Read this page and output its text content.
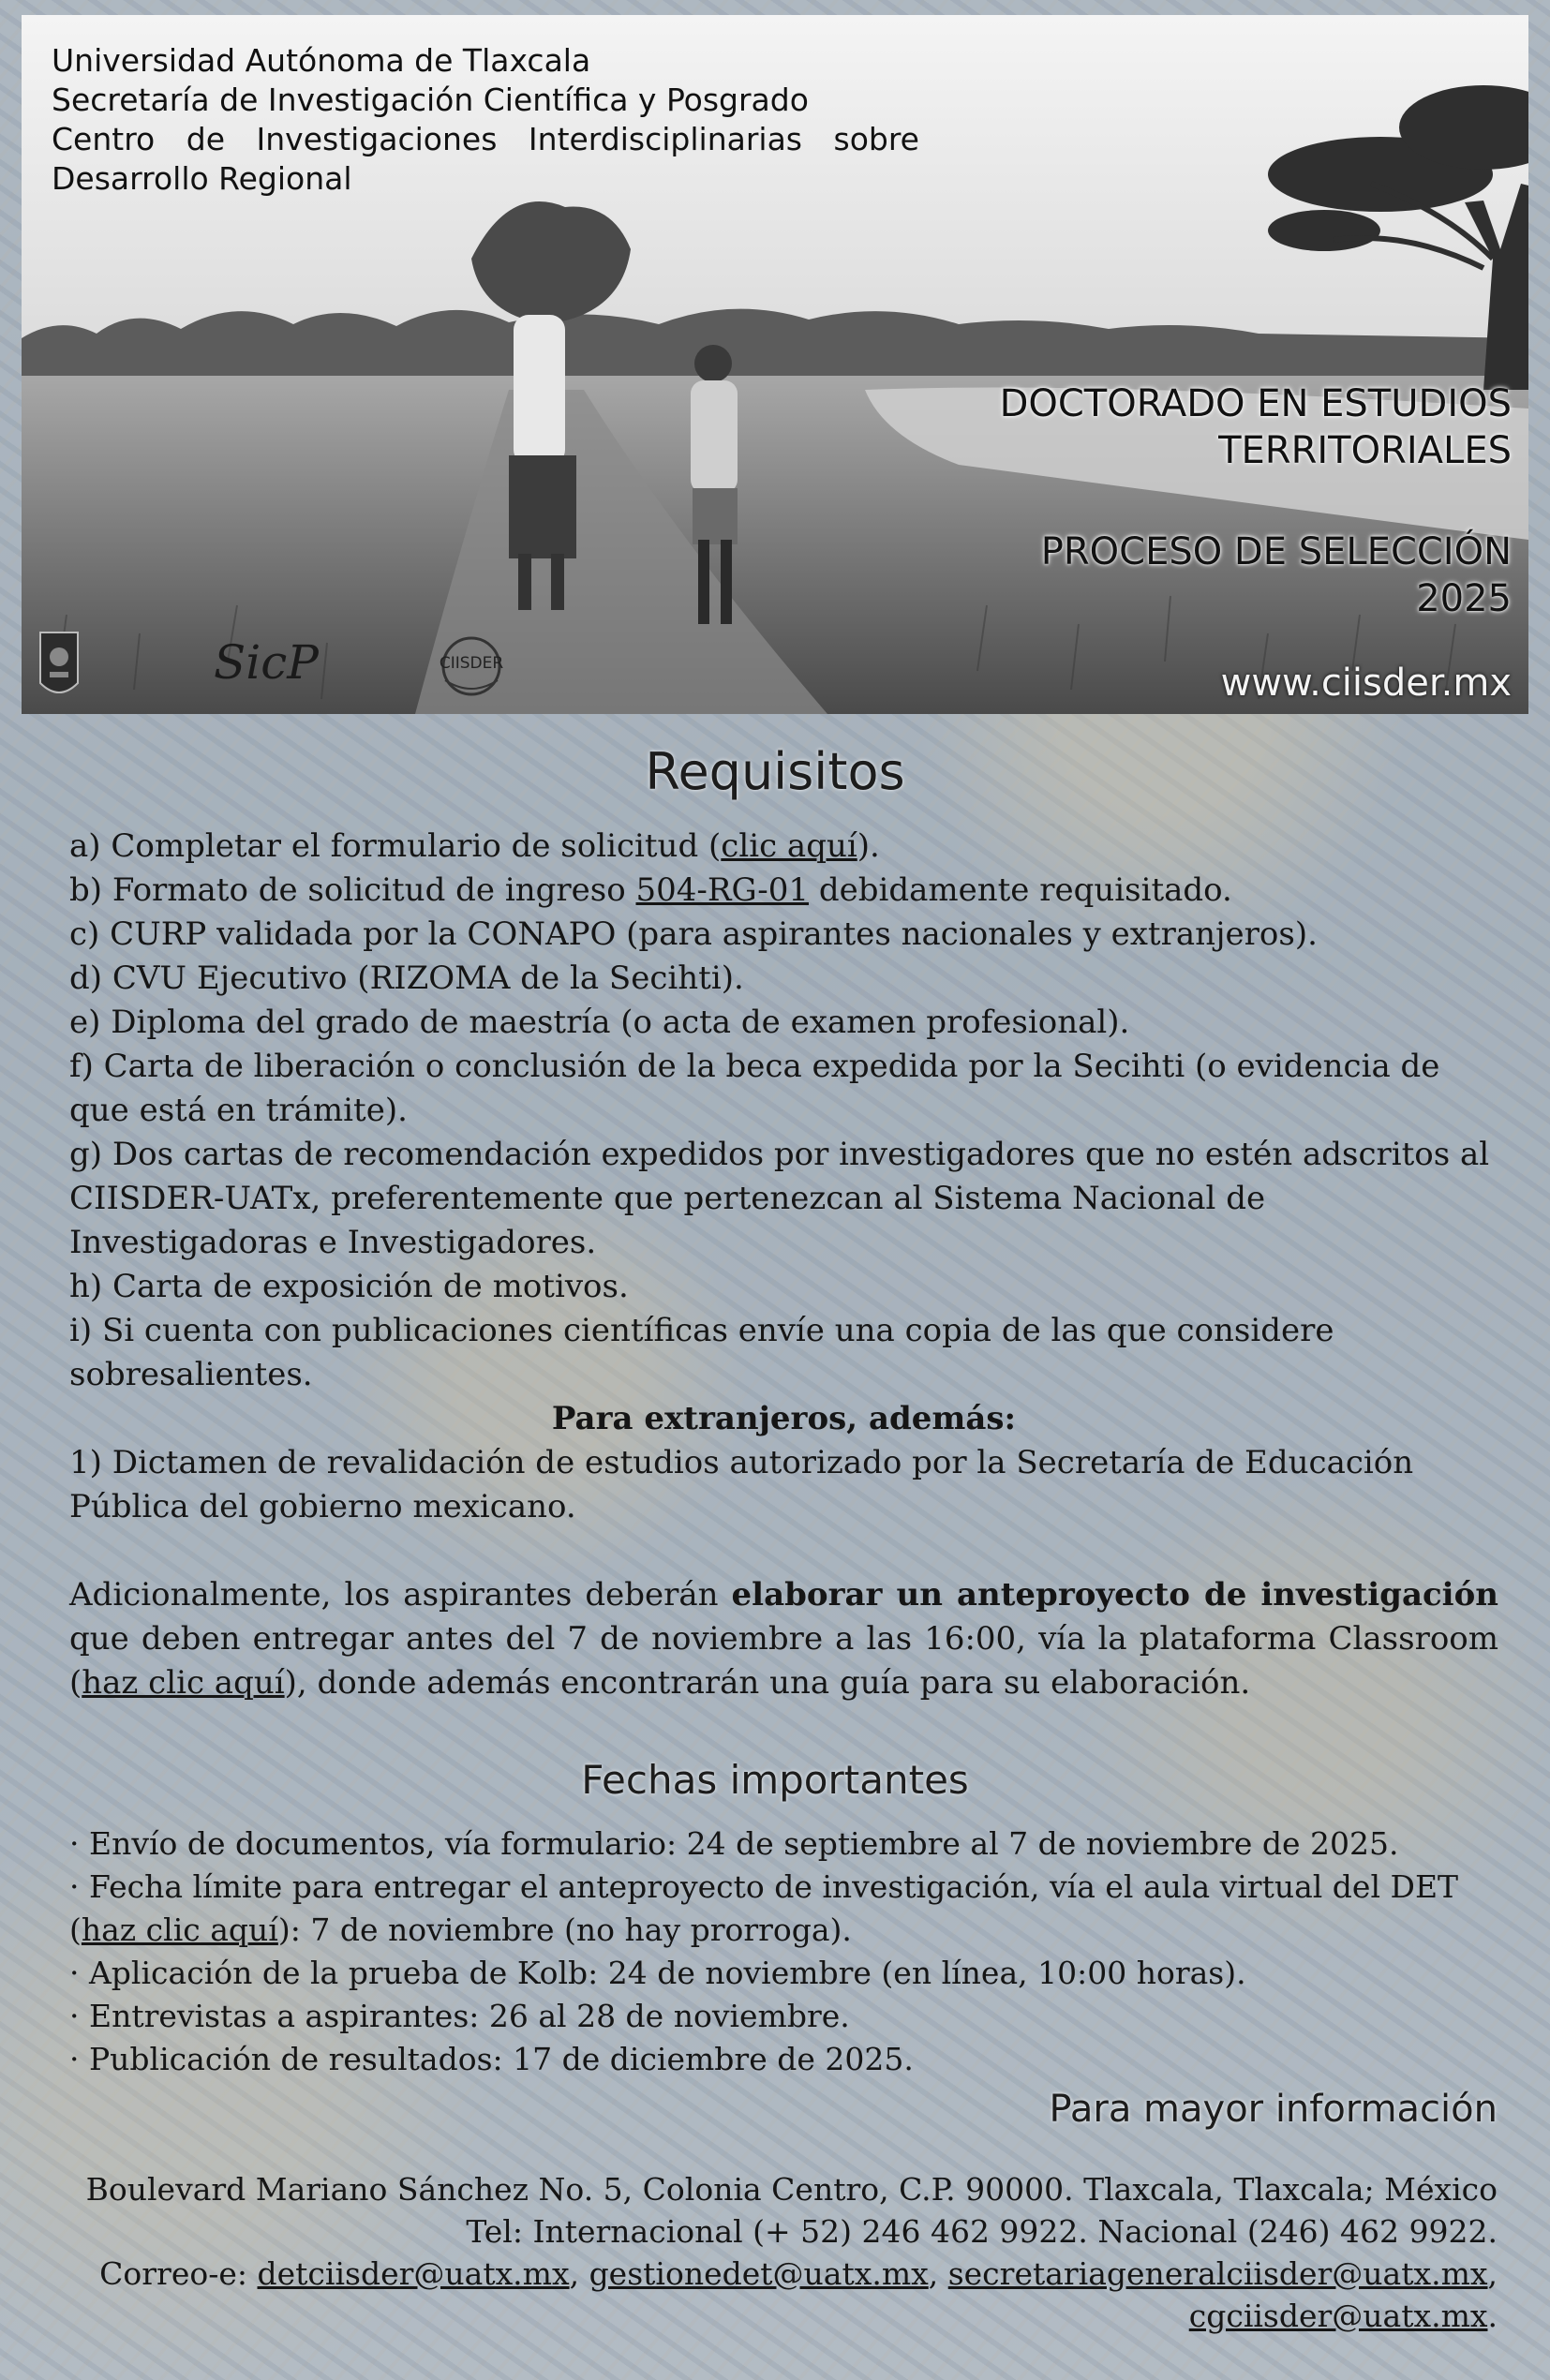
Universidad Autónoma de Tlaxcala
Secretaría de Investigación Científica y Posgrado
Centro de Investigaciones Interdisciplinarias sobre
Desarrollo Regional
DOCTORADO EN ESTUDIOS
TERRITORIALES
PROCESO DE SELECCIÓN
2025
www.ciisder.mx
SicP	CIISDER
Requisitos

a) Completar el formulario de solicitud (clic aquí).

b) Formato de solicitud de ingreso 504-RG-01 debidamente requisitado.

c) CURP validada por la CONAPO (para aspirantes nacionales y extranjeros).

d) CVU Ejecutivo (RIZOMA de la Secihti).

e) Diploma del grado de maestría (o acta de examen profesional).

f) Carta de liberación o conclusión de la beca expedida por la Secihti (o evidencia de que está en trámite).

g) Dos cartas de recomendación expedidos por investigadores que no estén adscritos al CIISDER-UATx, preferentemente que pertenezcan al Sistema Nacional de Investigadoras e Investigadores.

h) Carta de exposición de motivos.

i) Si cuenta con publicaciones científicas envíe una copia de las que considere sobresalientes.

Para extranjeros, además:

1) Dictamen de revalidación de estudios autorizado por la Secretaría de Educación Pública del gobierno mexicano.

Adicionalmente, los aspirantes deberán elaborar un anteproyecto de investigación que deben entregar antes del 7 de noviembre a las 16:00, vía la plataforma Classroom (haz clic aquí), donde además encontrarán una guía para su elaboración.

Fechas importantes

· Envío de documentos, vía formulario: 24 de septiembre al 7 de noviembre de 2025.

· Fecha límite para entregar el anteproyecto de investigación, vía el aula virtual del DET (haz clic aquí): 7 de noviembre (no hay prorroga).

· Aplicación de la prueba de Kolb: 24 de noviembre (en línea, 10:00 horas).

· Entrevistas a aspirantes: 26 al 28 de noviembre.

· Publicación de resultados: 17 de diciembre de 2025.

Para mayor información

Boulevard Mariano Sánchez No. 5, Colonia Centro, C.P. 90000. Tlaxcala, Tlaxcala; México

Tel: Internacional (+ 52) 246 462 9922. Nacional (246) 462 9922.

Correo-e: detciisder@uatx.mx, gestionedet@uatx.mx, secretariageneralciisder@uatx.mx,

cgciisder@uatx.mx.
